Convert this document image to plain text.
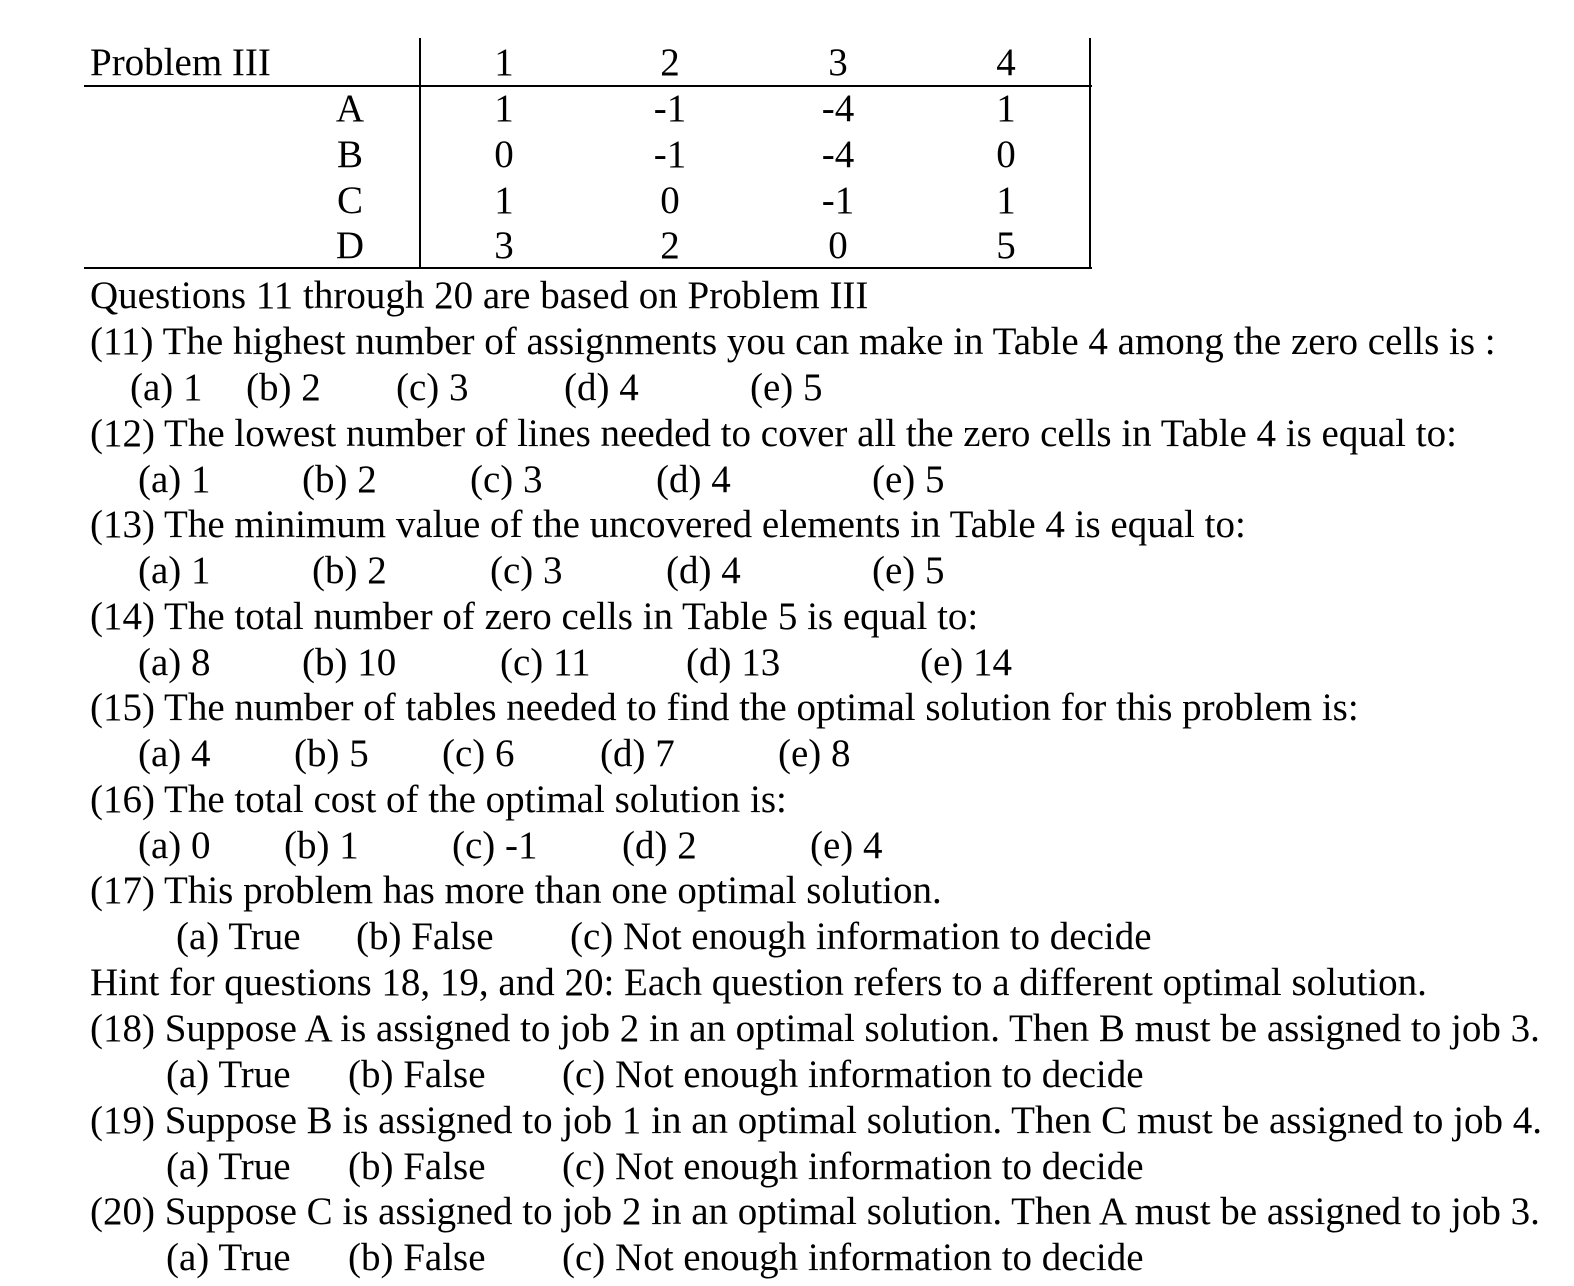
Problem III	1	2	3	4
A	1	-1	-4	1
B	0	-1	-4	0
C	1	0	-1	1
D	3	2	0	5
Questions 11 through 20 are based on Problem III
(11) The highest number of assignments you can make in Table 4 among the zero cells is :
(a) 1 (b) 2 (c) 3 (d) 4	(e) 5
(12) The lowest number of lines needed to cover all the zero cells in Table 4 is equal to:
(a) 1 (b) 2 (c) 3	(d) 4	(e) 5
(13) The minimum value of the uncovered elements in Table 4 is equal to:
(a) 1	(b) 2	(c) 3	(d) 4	(e) 5
(14) The total number of zero cells in Table 5 is equal to:
(a) 8 (b) 10	(c) 11 (d) 13	(e) 14
(15) The number of tables needed to find the optimal solution for this problem is:
(a) 4 (b) 5 (c) 6 (d) 7	(e) 8
(16) The total cost of the optimal solution is:
(a) 0 (b) 1 (c) -1 (d) 2	(e) 4
(17) This problem has more than one optimal solution.
(a) True (b) False (c) Not enough information to decide
Hint for questions 18, 19, and 20: Each question refers to a different optimal solution.
(18) Suppose A is assigned to job 2 in an optimal solution. Then B must be assigned to job 3.
(a) True (b) False (c) Not enough information to decide
(19) Suppose B is assigned to job 1 in an optimal solution. Then C must be assigned to job 4.
(a) True (b) False (c) Not enough information to decide
(20) Suppose C is assigned to job 2 in an optimal solution. Then A must be assigned to job 3.
(a) True (b) False (c) Not enough information to decide
